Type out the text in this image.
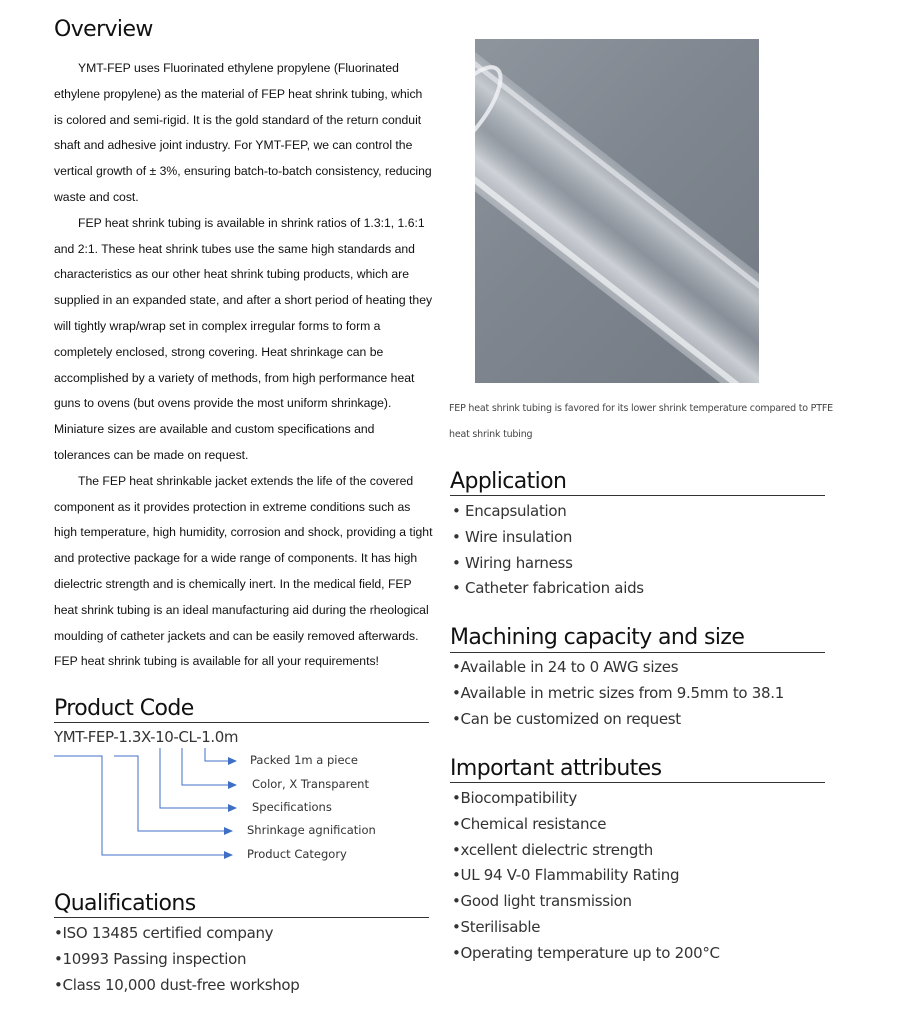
Overview

YMT-FEP uses Fluorinated ethylene propylene (Fluorinated ethylene propylene) as the material of FEP heat shrink tubing, which is colored and semi-rigid. It is the gold standard of the return conduit shaft and adhesive joint industry. For YMT-FEP, we can control the vertical growth of ± 3%, ensuring batch-to-batch consistency, reducing waste and cost.

FEP heat shrink tubing is available in shrink ratios of 1.3:1, 1.6:1 and 2:1. These heat shrink tubes use the same high standards and characteristics as our other heat shrink tubing products, which are supplied in an expanded state, and after a short period of heating they will tightly wrap/wrap set in complex irregular forms to form a completely enclosed, strong covering. Heat shrinkage can be accomplished by a variety of methods, from high performance heat guns to ovens (but ovens provide the most uniform shrinkage). Miniature sizes are available and custom specifications and tolerances can be made on request.

The FEP heat shrinkable jacket extends the life of the covered component as it provides protection in extreme conditions such as high temperature, high humidity, corrosion and shock, providing a tight and protective package for a wide range of components. It has high dielectric strength and is chemically inert. In the medical field, FEP heat shrink tubing is an ideal manufacturing aid during the rheological moulding of catheter jackets and can be easily removed afterwards. FEP heat shrink tubing is available for all your requirements!

Product Code
YMT-FEP-1.3X-10-CL-1.0m
Packed 1m a piece
Color, X Transparent
Specifications
Shrinkage agnification
Product Category
Qualifications
•ISO 13485 certified company
•10993 Passing inspection
•Class 10,000 dust-free workshop
FEP heat shrink tubing is favored for its lower shrink temperature compared to PTFE heat shrink tubing
Application
• Encapsulation
• Wire insulation
• Wiring harness
• Catheter fabrication aids
Machining capacity and size
•Available in 24 to 0 AWG sizes
•Available in metric sizes from 9.5mm to 38.1
•Can be customized on request
Important attributes
•Biocompatibility
•Chemical resistance
•xcellent dielectric strength
•UL 94 V-0 Flammability Rating
•Good light transmission
•Sterilisable
•Operating temperature up to 200°C
